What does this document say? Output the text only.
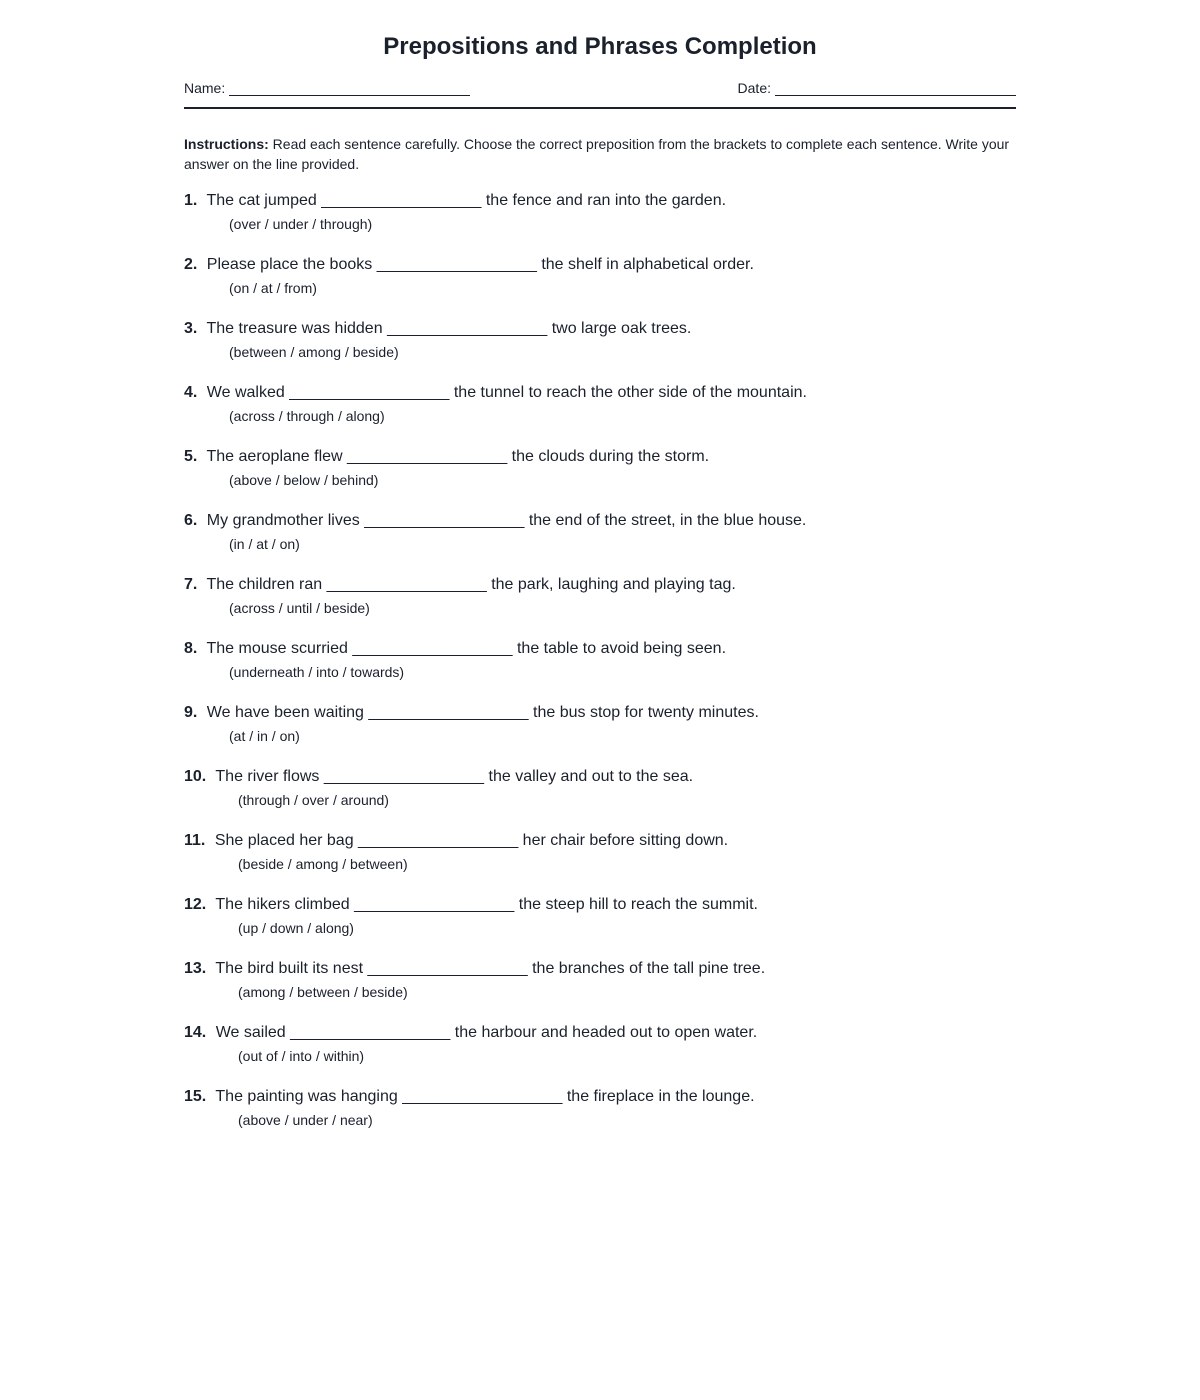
Prepositions and Phrases Completion
Name:	Date:
Instructions: Read each sentence carefully. Choose the correct preposition from the brackets to complete each sentence. Write your answer on the line provided.
1. The cat jumped __________________ the fence and ran into the garden.
(over / under / through)
2. Please place the books __________________ the shelf in alphabetical order.
(on / at / from)
3. The treasure was hidden __________________ two large oak trees.
(between / among / beside)
4. We walked __________________ the tunnel to reach the other side of the mountain.
(across / through / along)
5. The aeroplane flew __________________ the clouds during the storm.
(above / below / behind)
6. My grandmother lives __________________ the end of the street, in the blue house.
(in / at / on)
7. The children ran __________________ the park, laughing and playing tag.
(across / until / beside)
8. The mouse scurried __________________ the table to avoid being seen.
(underneath / into / towards)
9. We have been waiting __________________ the bus stop for twenty minutes.
(at / in / on)
10. The river flows __________________ the valley and out to the sea.
(through / over / around)
11. She placed her bag __________________ her chair before sitting down.
(beside / among / between)
12. The hikers climbed __________________ the steep hill to reach the summit.
(up / down / along)
13. The bird built its nest __________________ the branches of the tall pine tree.
(among / between / beside)
14. We sailed __________________ the harbour and headed out to open water.
(out of / into / within)
15. The painting was hanging __________________ the fireplace in the lounge.
(above / under / near)
